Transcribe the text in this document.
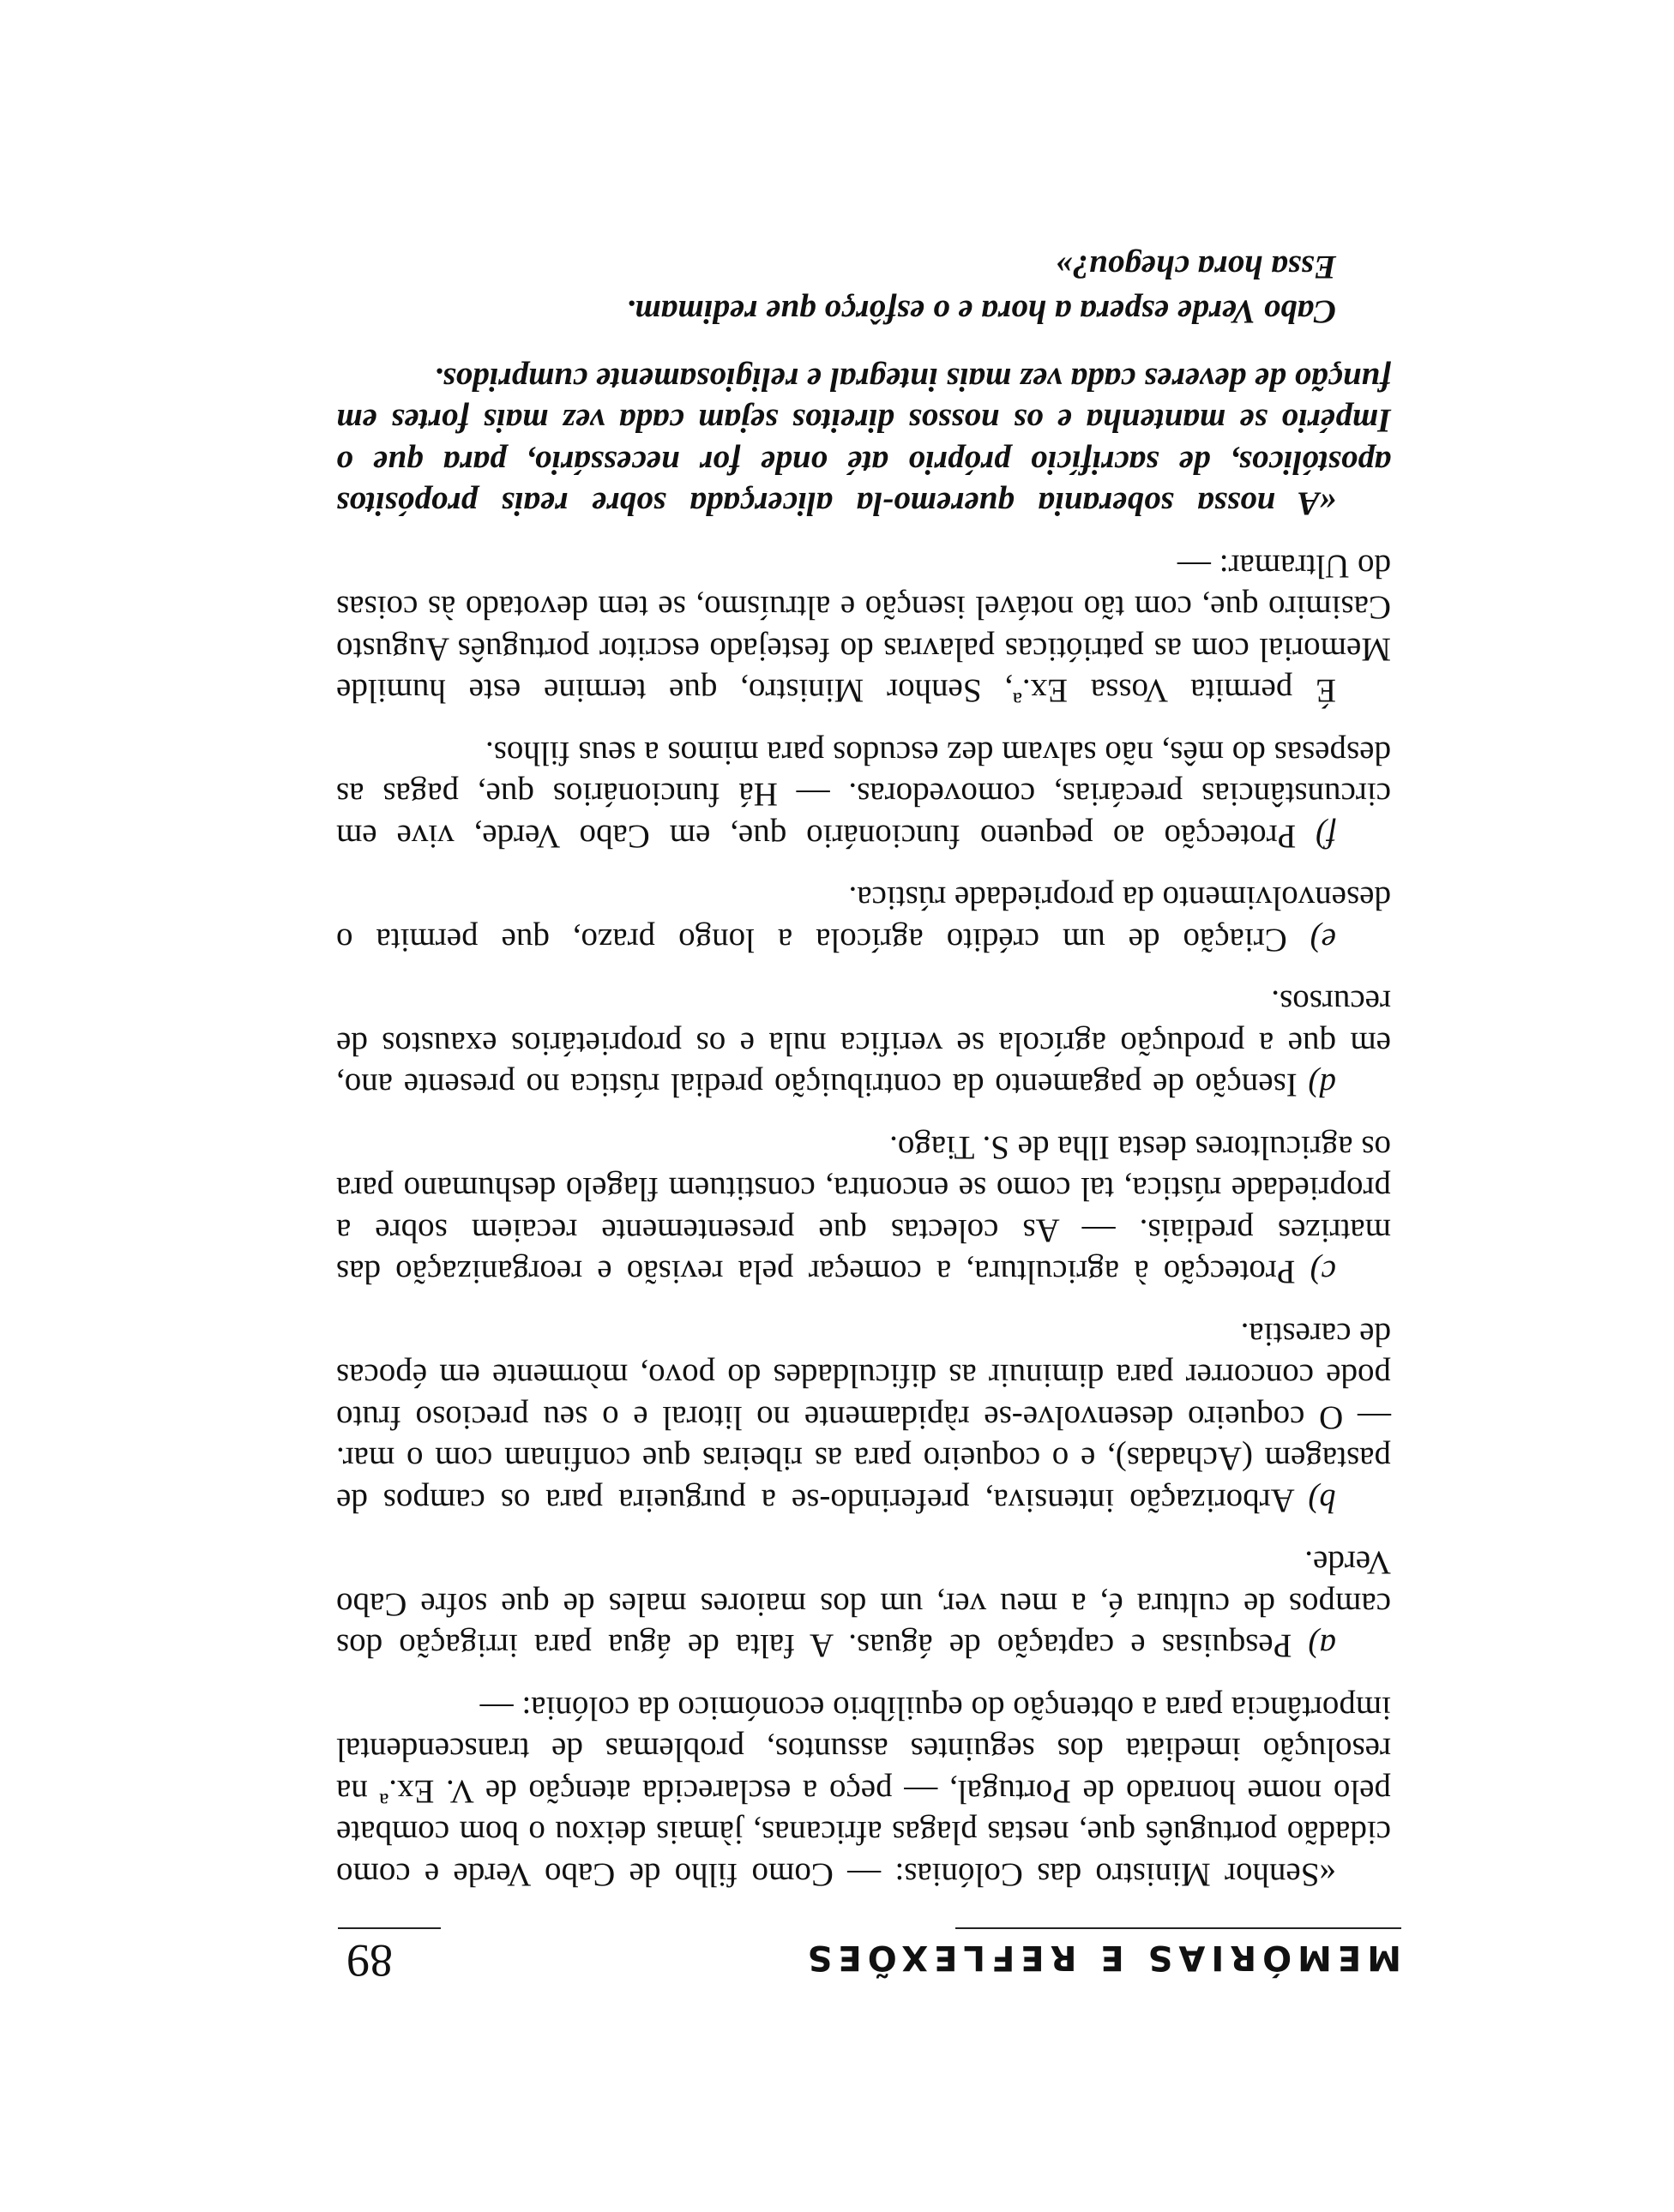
MEMÓRIAS E REFLEXÕES
89

«Senhor Ministro das Colónias: — Como filho de Cabo Verde e como cidadão português que, nestas plagas africanas, jàmais deixou o bom combate pelo nome honrado de Portugal, — peço a esclarecida atenção de V. Ex.ª na resolução imediata dos seguintes assuntos, problemas de transcendental importância para a obtenção do equilíbrio económico da colónia: —

a) Pesquisas e captação de águas. A falta de água para irrigação dos campos de cultura é, a meu ver, um dos maiores males de que sofre Cabo Verde.

b) Arborização intensiva, preferindo-se a purgueira para os campos de pastagem (Achadas), e o coqueiro para as ribeiras que confinam com o mar. — O coqueiro desenvolve-se ràpidamente no litoral e o seu precioso fruto pode concorrer para diminuir as dificuldades do povo, mòrmente em épocas de carestia.

c) Protecção à agricultura, a começar pela revisão e reorganização das matrizes prediais. — As colectas que presentemente recaiem sobre a propriedade rústica, tal como se encontra, constituem flagelo deshumano para os agricultores desta Ilha de S. Tiago.

d) Isenção de pagamento da contribuição predial rústica no presente ano, em que a produção agrícola se verifica nula e os proprietários exaustos de recursos.

e) Criação de um crédito agrícola a longo prazo, que permita o desenvolvimento da propriedade rústica.

f) Protecção ao pequeno funcionário que, em Cabo Verde, vive em circunstâncias precárias, comovedoras. — Há funcionários que, pagas as despesas do mês, não salvam dez escudos para mimos a seus filhos.

É permita Vossa Ex.ª, Senhor Ministro, que termine este humilde Memorial com as patrióticas palavras do festejado escritor português Augusto Casimiro que, com tão notável isenção e altruísmo, se tem devotado às coisas do Ultramar: —

«A nossa soberania queremo-la alicerçada sobre reais propósitos apostólicos, de sacrifício próprio até onde for necessário, para que o Império se mantenha e os nossos direitos sejam cada vez mais fortes em função de deveres cada vez mais integral e religiosamente cumpridos.

Cabo Verde espera a hora e o esfôrço que redimam.

Essa hora chegou?»
